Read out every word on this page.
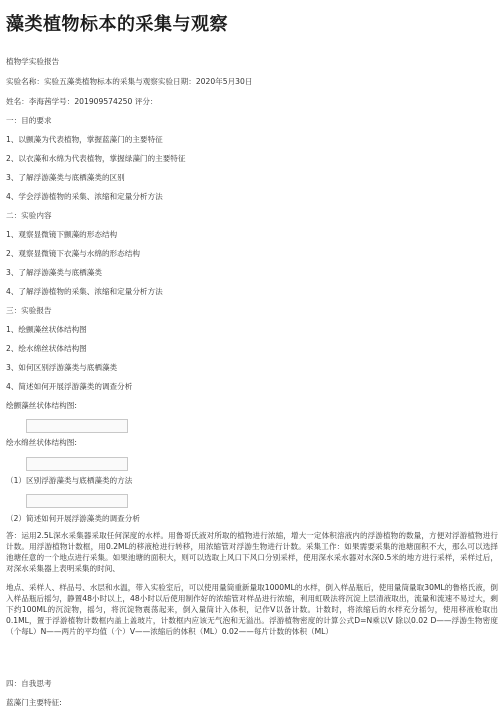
藻类植物标本的采集与观察
植物学实验报告
实验名称：实验五藻类植物标本的采集与观察实验日期：2020年5月30日
姓名：李海茜学号：201909574250 评分：
一：目的要求
1、以颤藻为代表植物，掌握蓝藻门的主要特征
2、以衣藻和水绵为代表植物，掌握绿藻门的主要特征
3、了解浮游藻类与底栖藻类的区别
4、学会浮游植物的采集、浓缩和定量分析方法
二：实验内容
1、观察显微镜下颤藻的形态结构
2、观察显微镜下衣藻与水绵的形态结构
3、了解浮游藻类与底栖藻类
4、了解浮游植物的采集、浓缩和定量分析方法
三：实验报告
1、绘颤藻丝状体结构图
2、绘水绵丝状体结构图
3、如何区别浮游藻类与底栖藻类
4、简述如何开展浮游藻类的调查分析
绘颤藻丝状体结构图:
绘水绵丝状体结构图:
（1）区别浮游藻类与底栖藻类的方法
（2）简述如何开展浮游藻类的调查分析
答：运用2.5L深水采集器采取任何深度的水样。用鲁哥氏液对所取的植物进行浓缩，增大一定体积溶液内的浮游植物的数量，方便对浮游植物进行计数。用浮游植物计数框，用0.2ML的移液枪进行转移，用浓缩管对浮游生物进行计数。采集工作：如果需要采集的池塘面积不大，那么可以选择池塘任意的一个地点进行采集。如果池塘的面积大，则可以选取上风口下风口分别采样，使用深水采水器对水深0.5米的地方进行采样，采样过后，对深水采集器上表明采集的时间、
地点、采样人、样品号、水层和水温，带入实验室后，可以使用量筒重新量取1000ML的水样，倒入样品瓶后，使用量筒量取30ML的鲁格氏液，倒入样品瓶后摇匀，静置48小时以上，48小时以后使用制作好的浓缩管对样品进行浓缩，利用虹吸法将沉淀上层清液取出，流量和流速不易过大，剩下约100ML的沉淀物，摇匀，将沉淀物震荡起来，倒入量筒计入体积，记作V以备计数。计数时，将浓缩后的水样充分摇匀，使用移液枪取出0.1ML，置于浮游植物计数框内盖上盖玻片，计数框内应该无气泡和无溢出。浮游植物密度的计算公式D=N乘以V 除以0.02 D——浮游生物密度（个每L）N——两片的平均值（个）V——浓缩后的体积（ML）0.02——每片计数的体积（ML）
四：自我思考
蓝藻门主要特征:
